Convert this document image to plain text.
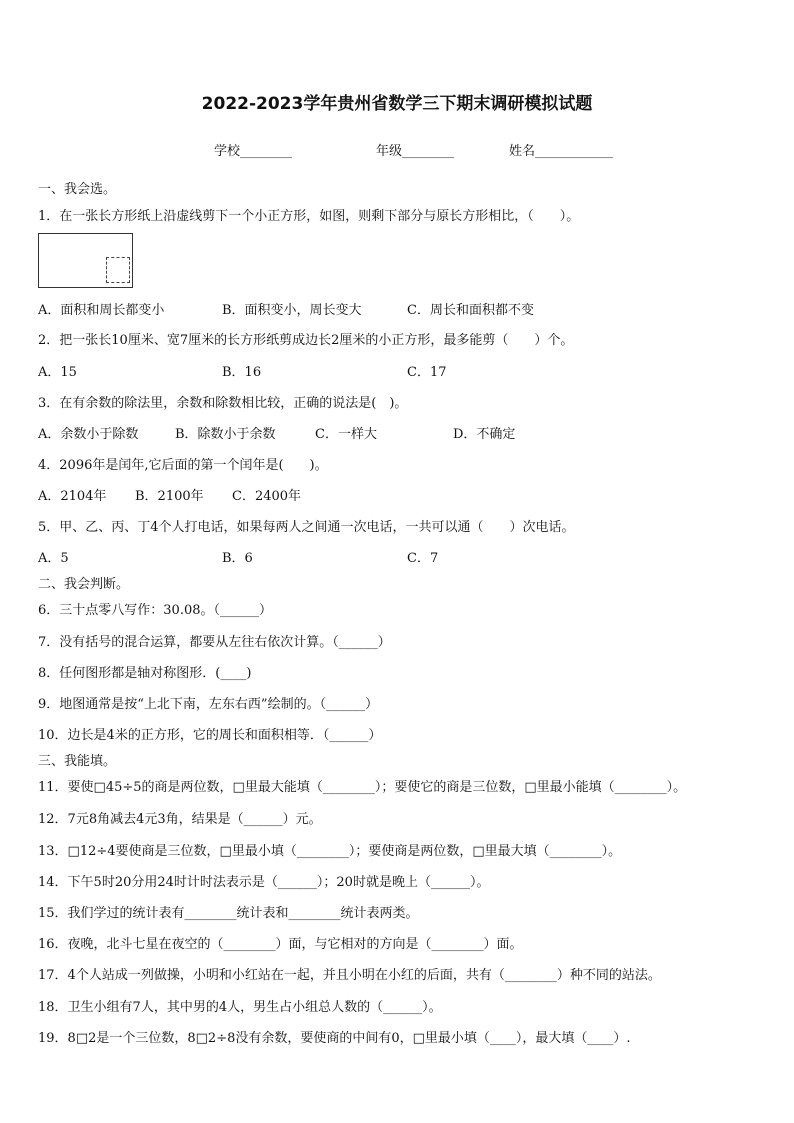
2022-2023学年贵州省数学三下期末调研模拟试题
学校________	年级________	姓名____________
一、我会选。
1．在一张长方形纸上沿虚线剪下一个小正方形，如图，则剩下部分与原长方形相比，（　　）。
A．面积和周长都变小	B．面积变小，周长变大	C．周长和面积都不变
2．把一张长10厘米、宽7厘米的长方形纸剪成边长2厘米的小正方形，最多能剪（　　）个。
A．15	B．16	C．17
3．在有余数的除法里，余数和除数相比较，正确的说法是(　)。
A．余数小于除数	B．除数小于余数	C．一样大	D．不确定
4．2096年是闰年,它后面的第一个闰年是(　　)。
A．2104年 B．2100年 C．2400年
5．甲、乙、丙、丁4个人打电话，如果每两人之间通一次电话，一共可以通（　　）次电话。
A．5	B．6	C．7
二、我会判断。
6．三十点零八写作：30.08。（______）
7．没有括号的混合运算，都要从左往右依次计算。（______）
8．任何图形都是轴对称图形．(____)
9．地图通常是按“上北下南，左东右西”绘制的。（______）
10．边长是4米的正方形，它的周长和面积相等．（______）
三、我能填。
11．要使□45÷5的商是两位数，□里最大能填（________）；要使它的商是三位数，□里最小能填（________）。
12．7元8角减去4元3角，结果是（______）元。
13．□12÷4要使商是三位数，□里最小填（________）；要使商是两位数，□里最大填（________）。
14．下午5时20分用24时计时法表示是（______）；20时就是晚上（______）。
15．我们学过的统计表有________统计表和________统计表两类。
16．夜晚，北斗七星在夜空的（________）面，与它相对的方向是（________）面。
17．4个人站成一列做操，小明和小红站在一起，并且小明在小红的后面，共有（________）种不同的站法。
18．卫生小组有7人，其中男的4人，男生占小组总人数的（______）。
19．8□2是一个三位数，8□2÷8没有余数，要使商的中间有0，□里最小填（____），最大填（____）.
